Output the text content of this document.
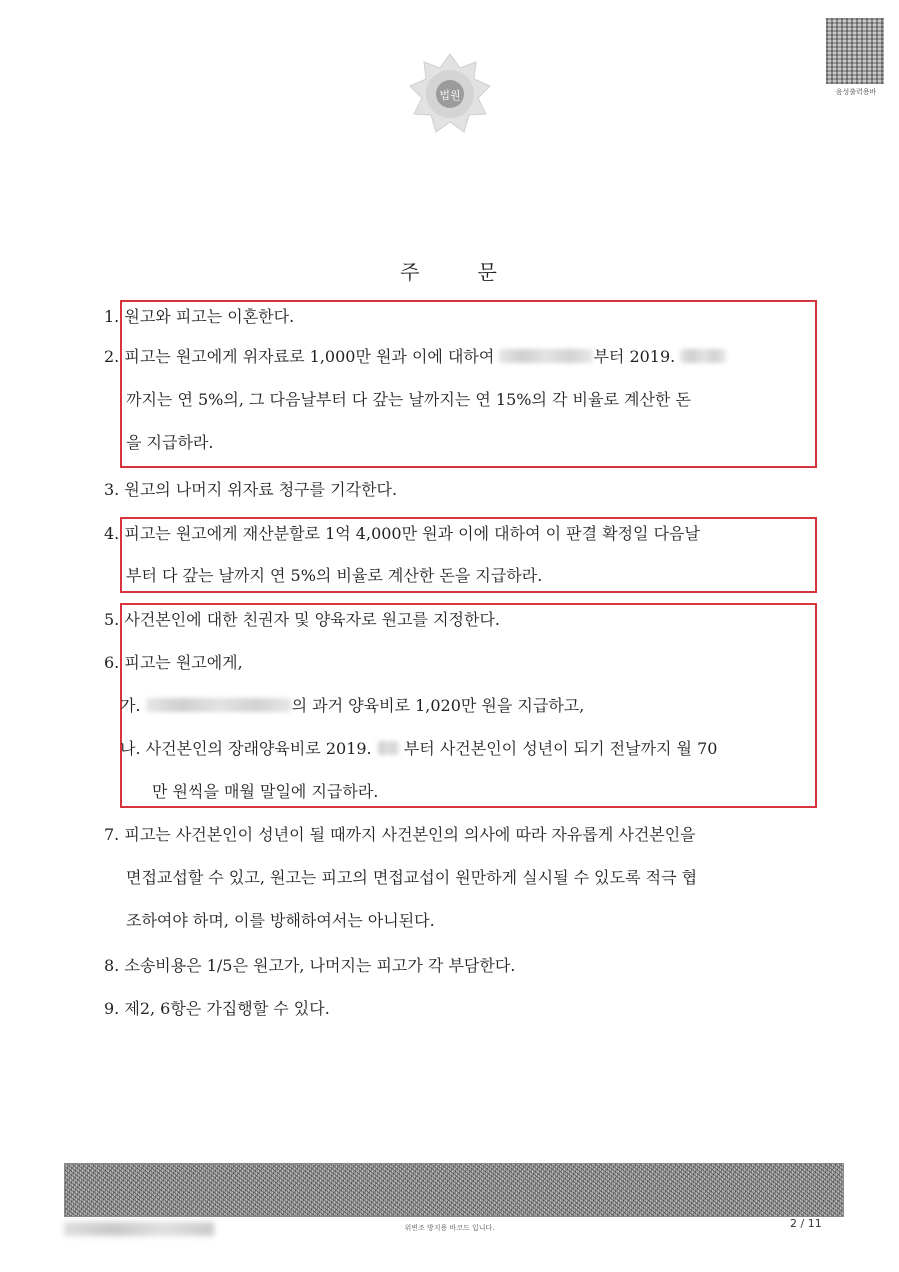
법원	음성출력용바
주	문
1. 원고와 피고는 이혼한다.
2. 피고는 원고에게 위자료로 1,000만 원과 이에 대하여	부터 2019.
까지는 연 5%의, 그 다음날부터 다 갚는 날까지는 연 15%의 각 비율로 계산한 돈
을 지급하라.
3. 원고의 나머지 위자료 청구를 기각한다.
4. 피고는 원고에게 재산분할로 1억 4,000만 원과 이에 대하여 이 판결 확정일 다음날
부터 다 갚는 날까지 연 5%의 비율로 계산한 돈을 지급하라.
5. 사건본인에 대한 친권자 및 양육자로 원고를 지정한다.
6. 피고는 원고에게,
가.	의 과거 양육비로 1,020만 원을 지급하고,
나. 사건본인의 장래양육비로 2019. 부터 사건본인이 성년이 되기 전날까지 월 70
만 원씩을 매월 말일에 지급하라.
7. 피고는 사건본인이 성년이 될 때까지 사건본인의 의사에 따라 자유롭게 사건본인을
면접교섭할 수 있고, 원고는 피고의 면접교섭이 원만하게 실시될 수 있도록 적극 협
조하여야 하며, 이를 방해하여서는 아니된다.
8. 소송비용은 1/5은 원고가, 나머지는 피고가 각 부담한다.
9. 제2, 6항은 가집행할 수 있다.
위변조 방지용 바코드 입니다.	2 / 11
